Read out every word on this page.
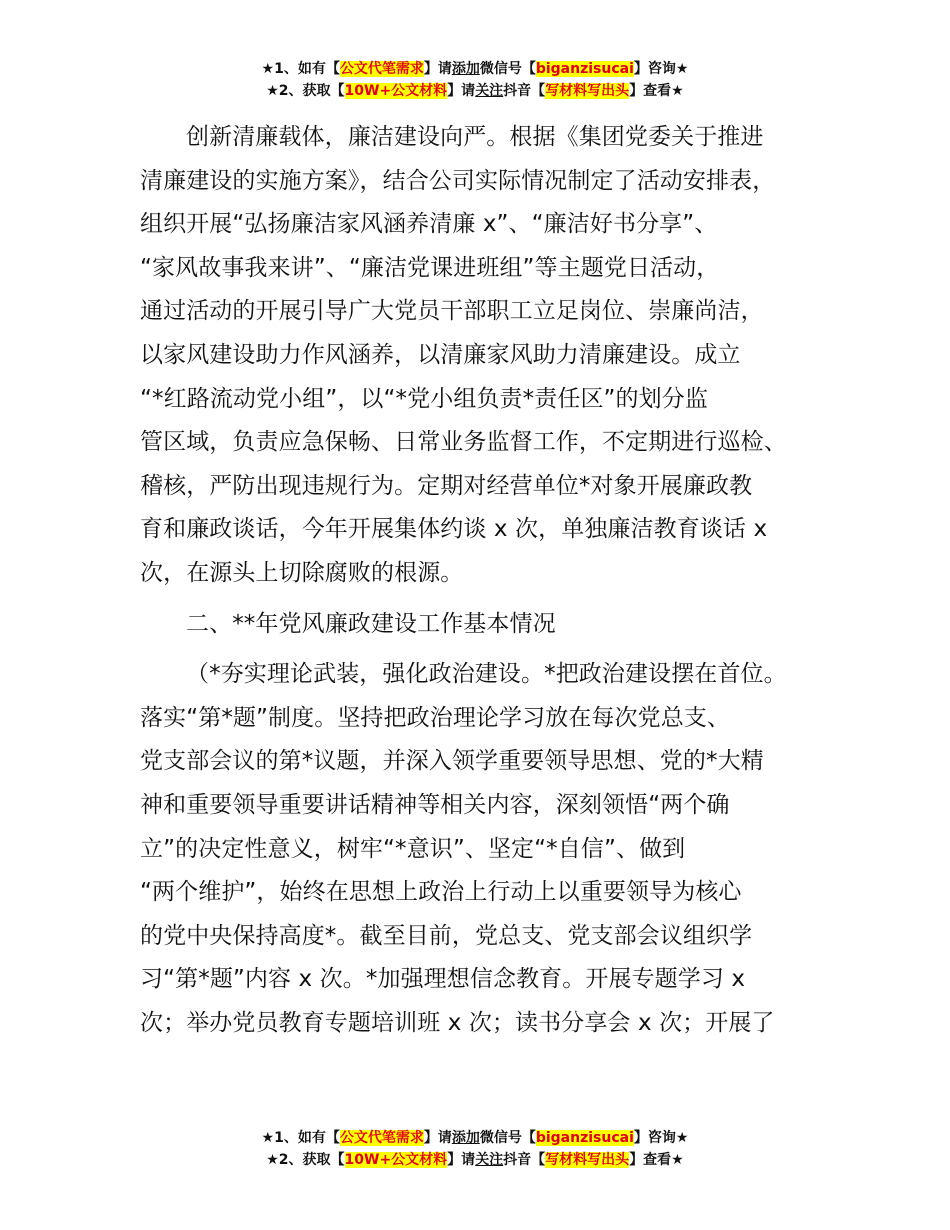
★1、如有【公文代笔需求】请添加微信号【biganzisucai】咨询★
★2、获取【10W+公文材料】请关注抖音【写材料写出头】查看★

创新清廉载体，廉洁建设向严。根据《集团党委关于推进

清廉建设的实施方案》，结合公司实际情况制定了活动安排表，

组织开展“弘扬廉洁家风涵养清廉 x”、“廉洁好书分享”、

“家风故事我来讲”、“廉洁党课进班组”等主题党日活动，

通过活动的开展引导广大党员干部职工立足岗位、崇廉尚洁，

以家风建设助力作风涵养，以清廉家风助力清廉建设。成立

“*红路流动党小组”，以“*党小组负责*责任区”的划分监

管区域，负责应急保畅、日常业务监督工作，不定期进行巡检、

稽核，严防出现违规行为。定期对经营单位*对象开展廉政教

育和廉政谈话，今年开展集体约谈 x 次，单独廉洁教育谈话 x

次，在源头上切除腐败的根源。

二、**年党风廉政建设工作基本情况

（*夯实理论武装，强化政治建设。*把政治建设摆在首位。

落实“第*题”制度。坚持把政治理论学习放在每次党总支、

党支部会议的第*议题，并深入领学重要领导思想、党的*大精

神和重要领导重要讲话精神等相关内容，深刻领悟“两个确

立”的决定性意义，树牢“*意识”、坚定“*自信”、做到

“两个维护”，始终在思想上政治上行动上以重要领导为核心

的党中央保持高度*。截至目前，党总支、党支部会议组织学

习“第*题”内容 x 次。*加强理想信念教育。开展专题学习 x

次；举办党员教育专题培训班 x 次；读书分享会 x 次；开展了

★1、如有【公文代笔需求】请添加微信号【biganzisucai】咨询★
★2、获取【10W+公文材料】请关注抖音【写材料写出头】查看★
